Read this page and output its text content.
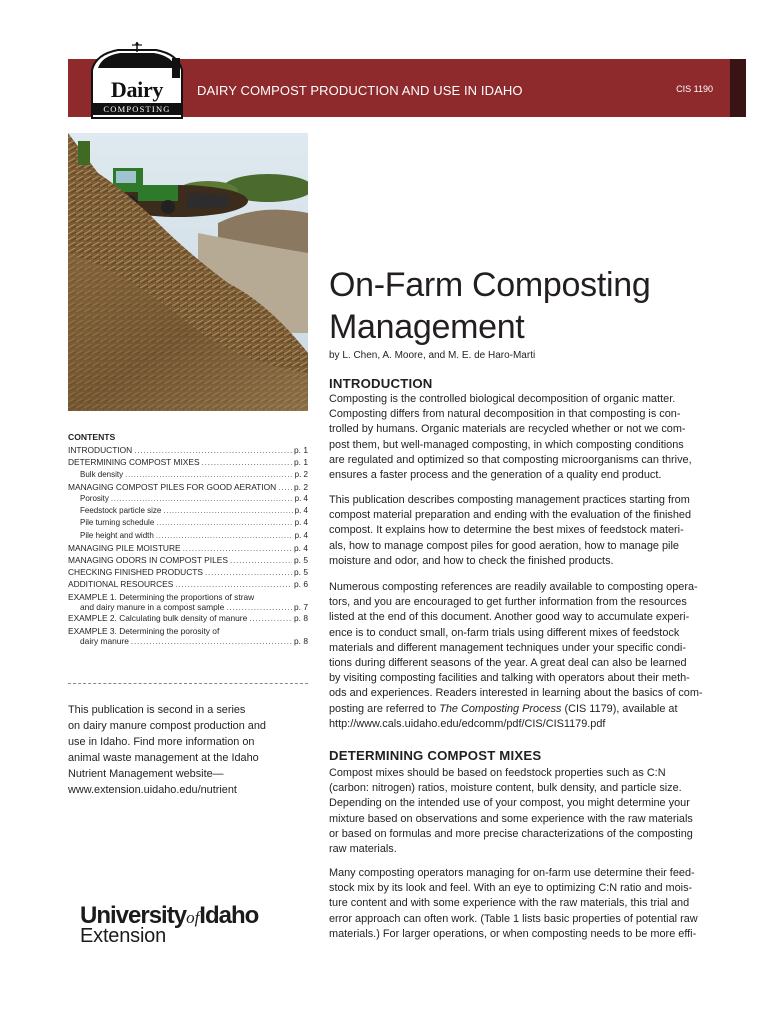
DAIRY COMPOST PRODUCTION AND USE IN IDAHO	CIS 1190
Dairy
COMPOSTING
CONTENTS
INTRODUCTION . . .	p. 1
DETERMINING COMPOST MIXES . . .	p. 1
Bulk density . . .	p. 2
MANAGING COMPOST PILES FOR GOOD AERATION . . . p. 2
Porosity . . .	p. 4
Feedstock particle size . . .	p. 4
Pile turning schedule . . .	p. 4
Pile height and width . . .	p. 4
MANAGING PILE MOISTURE . . .	p. 4
MANAGING ODORS IN COMPOST PILES . . .	p. 5
CHECKING FINISHED PRODUCTS . . .	p. 5
ADDITIONAL RESOURCES . . .	p. 6
EXAMPLE 1. Determining the proportions of straw
and dairy manure in a compost sample . . .	p. 7
EXAMPLE 2. Calculating bulk density of manure . . .	p. 8
EXAMPLE 3. Determining the porosity of
dairy manure . . .	p. 8
This publication is second in a series
on dairy manure compost production and
use in Idaho. Find more information on
animal waste management at the Idaho
Nutrient Management website—
www.extension.uidaho.edu/nutrient
UniversityofIdaho
Extension
On-Farm Composting
Management
by L. Chen, A. Moore, and M. E. de Haro-Marti
INTRODUCTION
Composting is the controlled biological decomposition of organic matter.
Composting differs from natural decomposition in that composting is con-
trolled by humans. Organic materials are recycled whether or not we com-
post them, but well-managed composting, in which composting conditions
are regulated and optimized so that composting microorganisms can thrive,
ensures a faster process and the generation of a quality end product.
This publication describes composting management practices starting from
compost material preparation and ending with the evaluation of the finished
compost. It explains how to determine the best mixes of feedstock materi-
als, how to manage compost piles for good aeration, how to manage pile
moisture and odor, and how to check the finished products.
Numerous composting references are readily available to composting opera-
tors, and you are encouraged to get further information from the resources
listed at the end of this document. Another good way to accumulate experi-
ence is to conduct small, on-farm trials using different mixes of feedstock
materials and different management techniques under your specific condi-
tions during different seasons of the year. A great deal can also be learned
by visiting composting facilities and talking with operators about their meth-
ods and experiences. Readers interested in learning about the basics of com-
posting are referred to The Composting Process (CIS 1179), available at
http://www.cals.uidaho.edu/edcomm/pdf/CIS/CIS1179.pdf
DETERMINING COMPOST MIXES
Compost mixes should be based on feedstock properties such as C:N
(carbon: nitrogen) ratios, moisture content, bulk density, and particle size.
Depending on the intended use of your compost, you might determine your
mixture based on observations and some experience with the raw materials
or based on formulas and more precise characterizations of the composting
raw materials.
Many composting operators managing for on-farm use determine their feed-
stock mix by its look and feel. With an eye to optimizing C:N ratio and mois-
ture content and with some experience with the raw materials, this trial and
error approach can often work. (Table 1 lists basic properties of potential raw
materials.) For larger operations, or when composting needs to be more effi-
